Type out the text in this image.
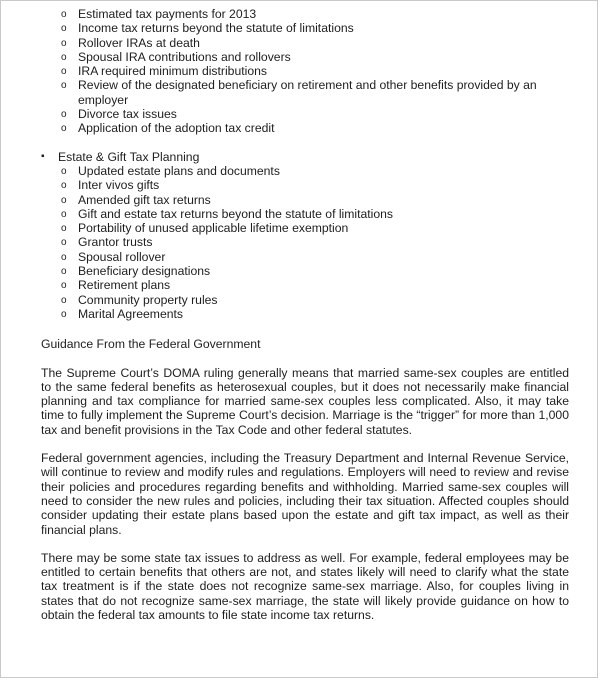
o Estimated tax payments for 2013
o Income tax returns beyond the statute of limitations
o Rollover IRAs at death
o Spousal IRA contributions and rollovers
o IRA required minimum distributions
o Review of the designated beneficiary on retirement and other benefits provided by an employer
o Divorce tax issues
o Application of the adoption tax credit
▪ Estate & Gift Tax Planning
o Updated estate plans and documents
o Inter vivos gifts
o Amended gift tax returns
o Gift and estate tax returns beyond the statute of limitations
o Portability of unused applicable lifetime exemption
o Grantor trusts
o Spousal rollover
o Beneficiary designations
o Retirement plans
o Community property rules
o Marital Agreements
Guidance From the Federal Government

The Supreme Court’s DOMA ruling generally means that married same-sex couples are entitled to the same federal benefits as heterosexual couples, but it does not necessarily make financial planning and tax compliance for married same-sex couples less complicated. Also, it may take time to fully implement the Supreme Court’s decision. Marriage is the “trigger” for more than 1,000 tax and benefit provisions in the Tax Code and other federal statutes.

Federal government agencies, including the Treasury Department and Internal Revenue Service, will continue to review and modify rules and regulations. Employers will need to review and revise their policies and procedures regarding benefits and withholding. Married same-sex couples will need to consider the new rules and policies, including their tax situation. Affected couples should consider updating their estate plans based upon the estate and gift tax impact, as well as their financial plans.

There may be some state tax issues to address as well. For example, federal employees may be entitled to certain benefits that others are not, and states likely will need to clarify what the state tax treatment is if the state does not recognize same-sex marriage. Also, for couples living in states that do not recognize same-sex marriage, the state will likely provide guidance on how to obtain the federal tax amounts to file state income tax returns.
